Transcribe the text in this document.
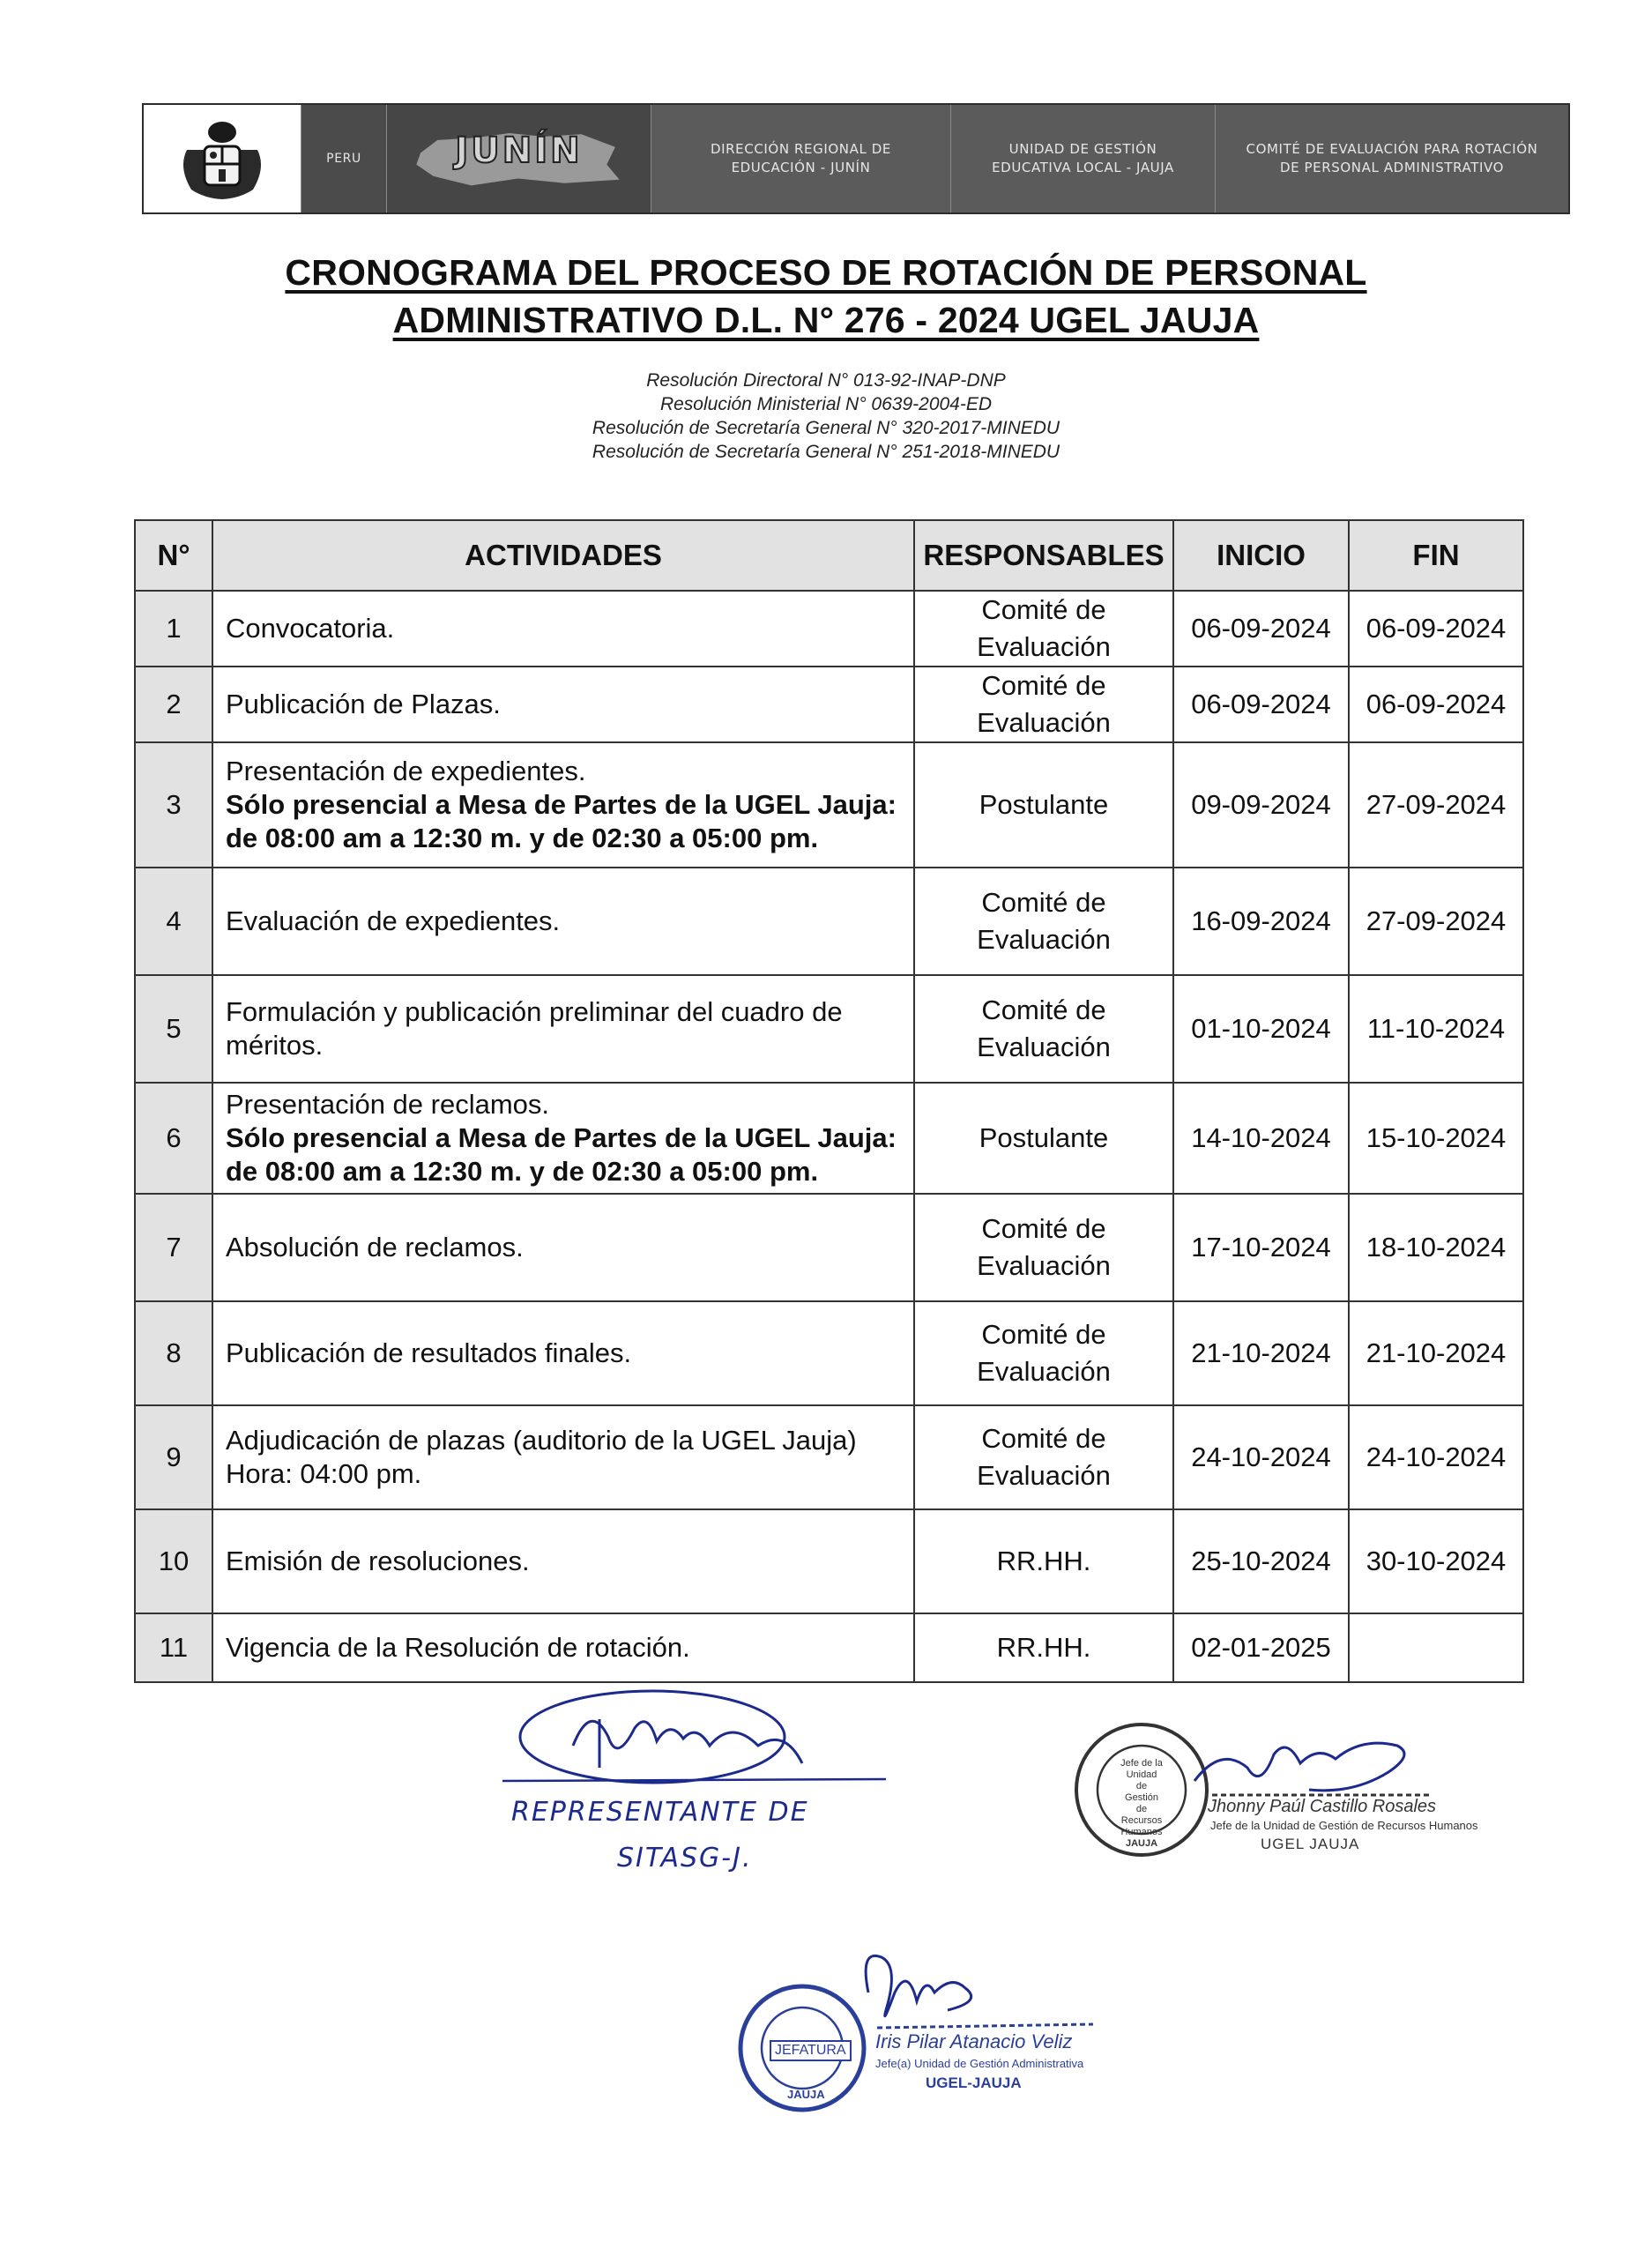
PERU	JUNÍN	DIRECCIÓN REGIONAL DE
EDUCACIÓN - JUNÍN
UNIDAD DE GESTIÓN
EDUCATIVA LOCAL - JAUJA
COMITÉ DE EVALUACIÓN PARA ROTACIÓN
DE PERSONAL ADMINISTRATIVO
CRONOGRAMA DEL PROCESO DE ROTACIÓN DE PERSONAL
ADMINISTRATIVO D.L. N° 276 - 2024 UGEL JAUJA
Resolución Directoral N° 013-92-INAP-DNP
Resolución Ministerial N° 0639-2004-ED
Resolución de Secretaría General N° 320-2017-MINEDU
Resolución de Secretaría General N° 251-2018-MINEDU
N°	ACTIVIDADES	RESPONSABLES	INICIO	FIN
1	Convocatoria.	Comité de Evaluación	06-09-2024	06-09-2024
2	Publicación de Plazas.	Comité de Evaluación	06-09-2024	06-09-2024
3	Presentación de expedientes.
Sólo presencial a Mesa de Partes de la UGEL Jauja: de 08:00 am a 12:30 m. y de 02:30 a 05:00 pm.	Postulante	09-09-2024	27-09-2024
4	Evaluación de expedientes.	Comité de Evaluación	16-09-2024	27-09-2024
5	Formulación y publicación preliminar del cuadro de méritos.	Comité de Evaluación	01-10-2024	11-10-2024
6	Presentación de reclamos.
Sólo presencial a Mesa de Partes de la UGEL Jauja: de 08:00 am a 12:30 m. y de 02:30 a 05:00 pm.	Postulante	14-10-2024	15-10-2024
7	Absolución de reclamos.	Comité de Evaluación	17-10-2024	18-10-2024
8	Publicación de resultados finales.	Comité de Evaluación	21-10-2024	21-10-2024
9	Adjudicación de plazas (auditorio de la UGEL Jauja) Hora: 04:00 pm.	Comité de Evaluación	24-10-2024	24-10-2024
10	Emisión de resoluciones.	RR.HH.	25-10-2024	30-10-2024
11	Vigencia de la Resolución de rotación.	RR.HH.	02-01-2025	
REPRESENTANTE DE
SITASG-J.
Jefe de la
Unidad de Gestión
de Recursos
Humanos
JAUJA
Jhonny Paúl Castillo Rosales
Jefe de la Unidad de Gestión de Recursos Humanos
UGEL JAUJA
JEFATURA
JAUJA
Iris Pilar Atanacio Veliz
Jefe(a) Unidad de Gestión Administrativa
UGEL-JAUJA
